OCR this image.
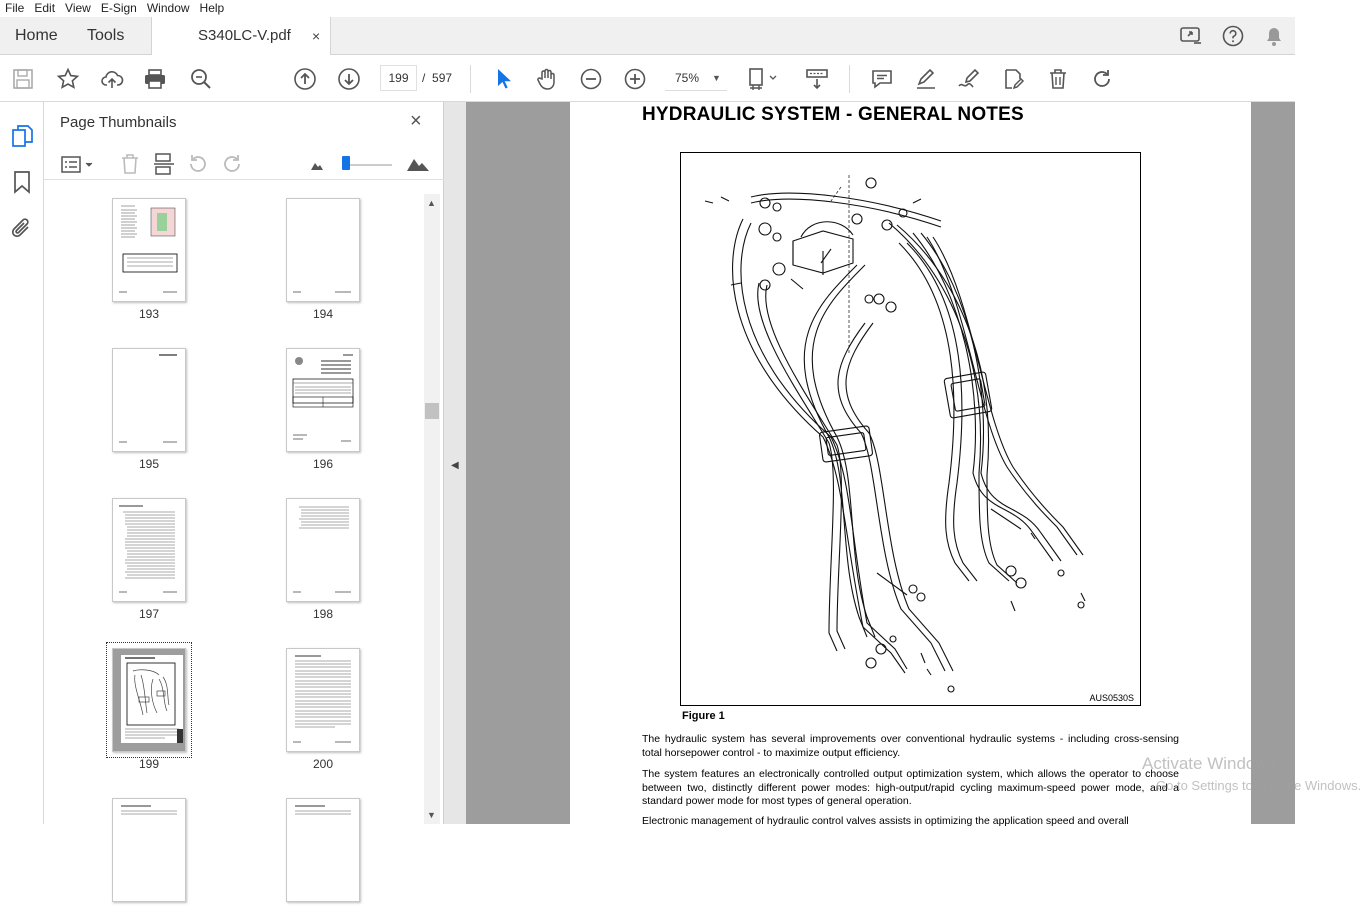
File Edit View E-Sign Window Help
Home Tools	S340LC-V.pdf ×
199	/ 597	75% ▼
Page Thumbnails	×
193	194
195	196
197	198
199	200
▲
▼
◀
HYDRAULIC SYSTEM - GENERAL NOTES
AUS0530S
Figure 1
The hydraulic system has several improvements over conventional hydraulic systems - including cross-sensing total horsepower control - to maximize output efficiency.
The system features an electronically controlled output optimization system, which allows the operator to choose between two, distinctly different power modes: high-output/rapid cycling maximum-speed power mode, and a standard power mode for most types of general operation.
Electronic management of hydraulic control valves assists in optimizing the application speed and overall
Activate Windows
Go to Settings to activate Windows.
